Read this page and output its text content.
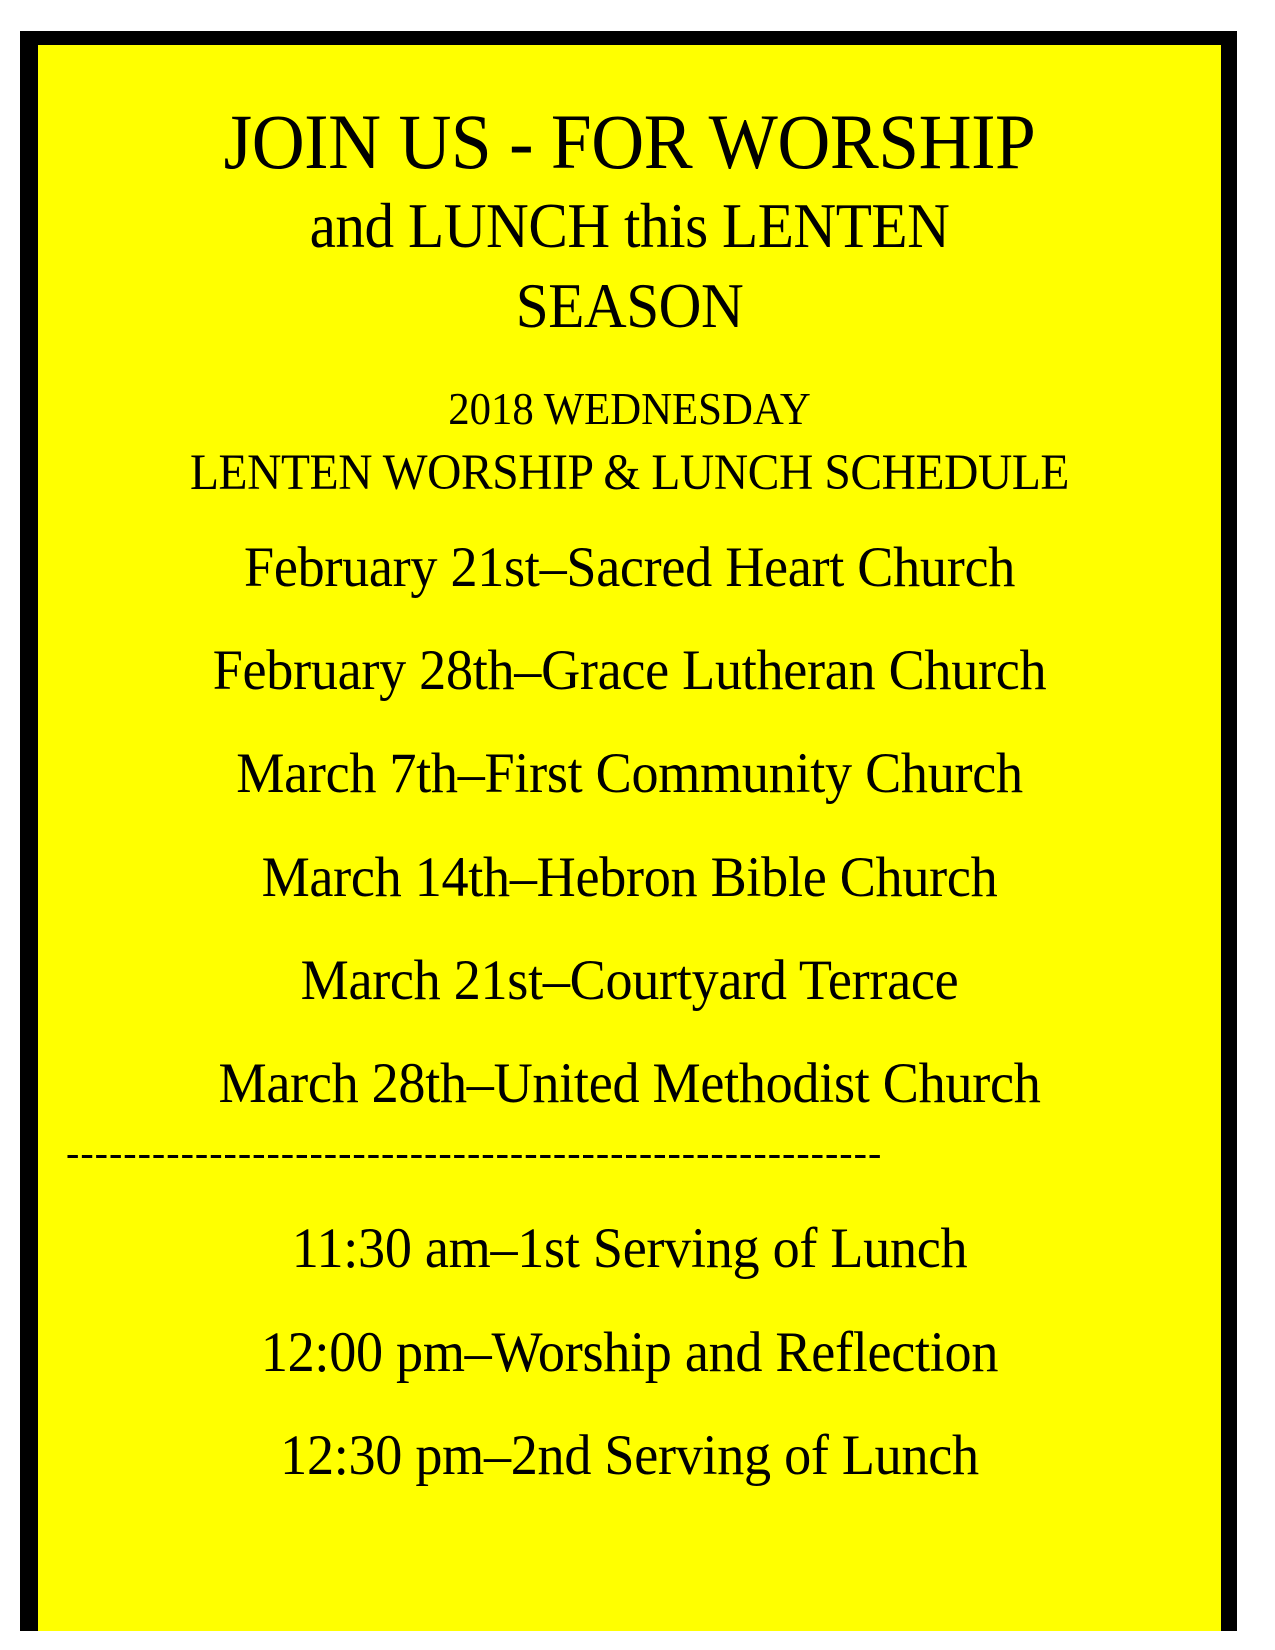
JOIN US - FOR WORSHIP
and LUNCH this LENTEN
SEASON
2018 WEDNESDAY
LENTEN WORSHIP & LUNCH SCHEDULE
February 21st–Sacred Heart Church
February 28th–Grace Lutheran Church
March 7th–First Community Church
March 14th–Hebron Bible Church
March 21st–Courtyard Terrace
March 28th–United Methodist Church
---------------------------------------------------------
11:30 am–1st Serving of Lunch
12:00 pm–Worship and Reflection
12:30 pm–2nd Serving of Lunch
